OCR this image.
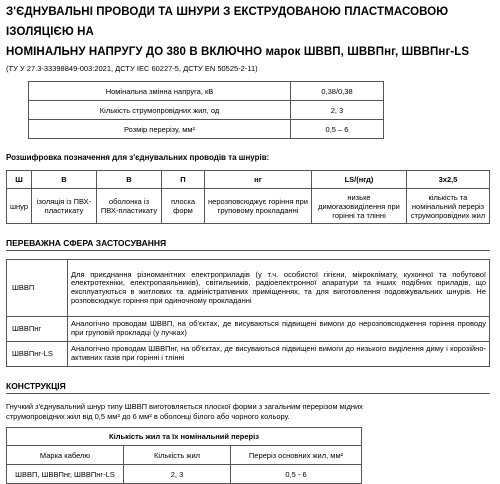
З'ЄДНУВАЛЬНІ ПРОВОДИ ТА ШНУРИ З ЕКСТРУДОВАНОЮ ПЛАСТМАСОВОЮ ІЗОЛЯЦІЄЮ НА
НОМІНАЛЬНУ НАПРУГУ ДО 380 В ВКЛЮЧНО марок ШВВП, ШВВПнг, ШВВПнг-LS

(ТУ У 27.3-33398849-003:2021, ДСТУ IEC 60227-5, ДСТУ EN 50525-2-11)

Номінальна змінна напруга, кВ	0,38/0,38
Кількість струмопровідних жил, од	2, 3
Розмір перерізу, мм²	0,5 – 6
Розшифровка позначення для з'єднувальних проводів та шнурів:
Ш	В	В	П	нг	LS/(нгд)	3х2,5
шнур	ізоляція із ПВХ-пластикату	оболонка із ПВХ-пластикату	плоска форм	нерозповсюджує горіння при груповому прокладанні	низьке димогазовиділення при горінні та тлінні	кількість та номінальний переріз струмопровідних жил
ПЕРЕВАЖНА СФЕРА ЗАСТОСУВАННЯ
ШВВП	Для приєднання різноманітних електроприладів (у т.ч. особистої гігієни, мікроклімату, кухонної та побутової електротехніки, електропаяльників), світильників, радіоелектронної апаратури та інших подібних приладів, що експлуатуються в житлових та адміністративних приміщеннях, та для виготовлення подовжувальних шнурів. Не розповсюджує горіння при одиночному прокладанні
ШВВПнг	Аналогічно проводам ШВВП, на об'єктах, де висуваються підвищені вимоги до нерозповсюдження горіння проводу при груповій прокладці (у пучках)
ШВВПнг-LS	Аналогічно проводам ШВВПнг, на об'єктах, де висуваються підвищені вимоги до низького виділення диму і корозійно-активних газів при горінні і тлінні
КОНСТРУКЦІЯ

Гнучкий з'єднувальний шнур типу ШВВП виготовляється плоскої форми з загальним перерізом мідних
струмопровідних жил від 0,5 мм² до 6 мм² в оболонці білого або чорного кольору.

Кількість жил та їх номінальний переріз		
Марка кабелю	Кількість жил	Переріз основних жил, мм²
ШВВП, ШВВПнг, ШВВПнг-LS	2, 3	0,5 - 6
